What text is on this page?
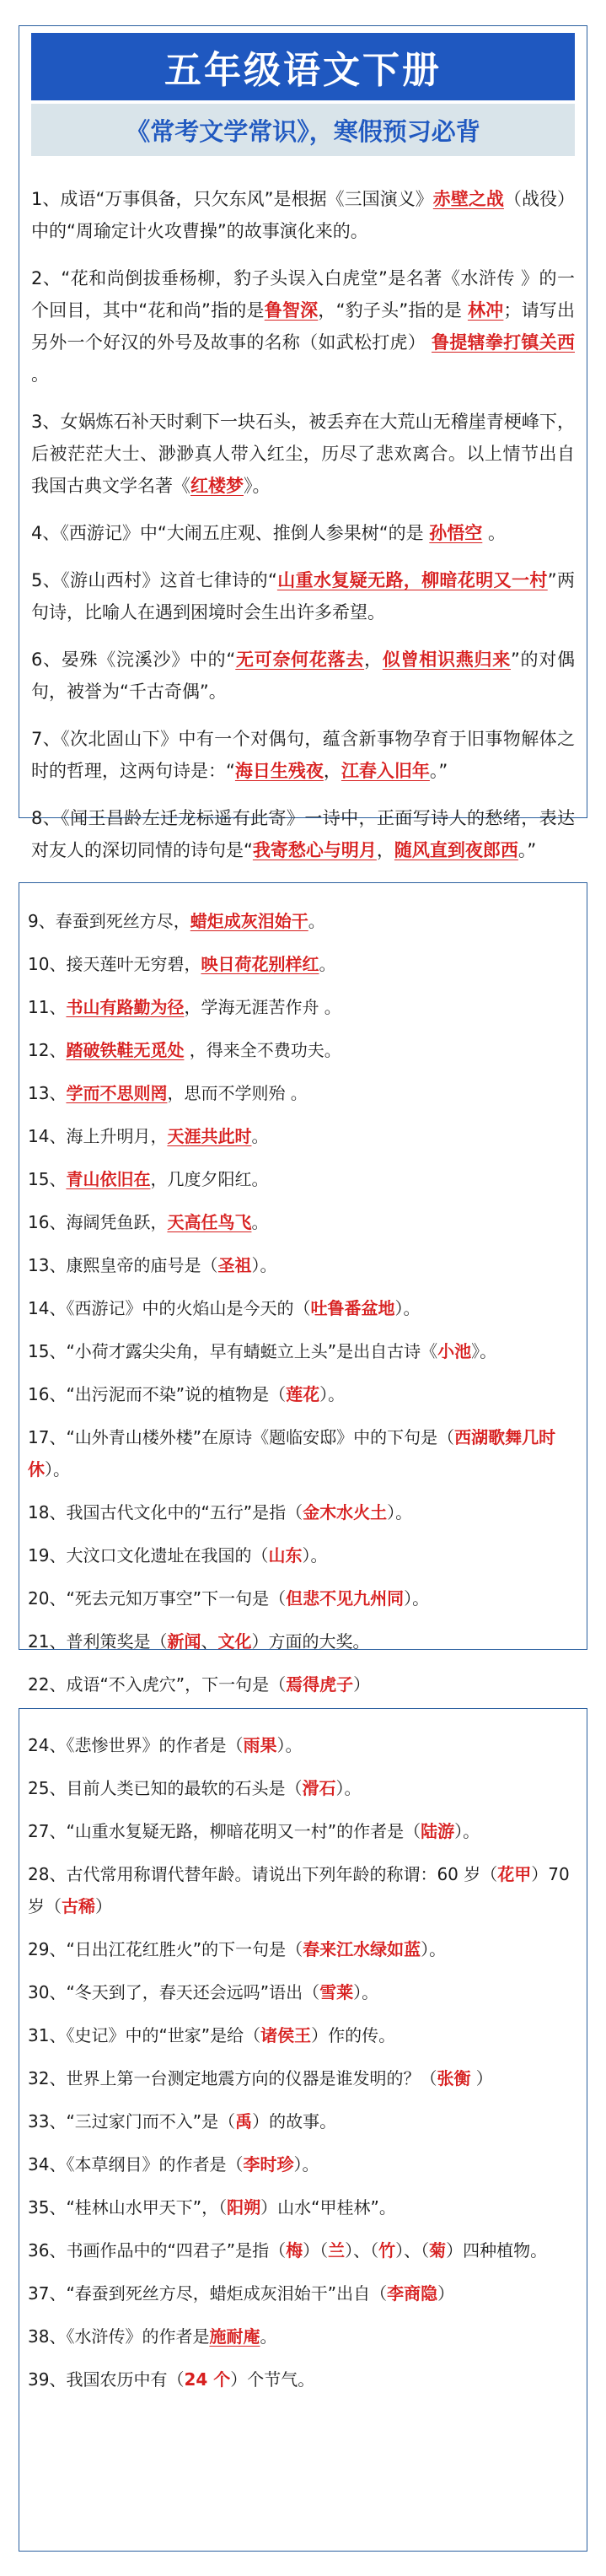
五年级语文下册
《常考文学常识》，寒假预习必背
1、成语“万事俱备，只欠东风”是根据《三国演义》赤壁之战（战役）中的“周瑜定计火攻曹操”的故事演化来的。
2、“花和尚倒拔垂杨柳，豹子头误入白虎堂”是名著《水浒传 》的一个回目，其中“花和尚”指的是鲁智深，“豹子头”指的是 林冲；请写出另外一个好汉的外号及故事的名称（如武松打虎） 鲁提辖拳打镇关西 。
3、女娲炼石补天时剩下一块石头，被丢弃在大荒山无稽崖青梗峰下，后被茫茫大士、渺渺真人带入红尘，历尽了悲欢离合。以上情节出自我国古典文学名著《红楼梦》。
4、《西游记》中“大闹五庄观、推倒人参果树“的是 孙悟空 。
5、《游山西村》这首七律诗的“山重水复疑无路，柳暗花明又一村”两句诗，比喻人在遇到困境时会生出许多希望。
6、晏殊《浣溪沙》中的“无可奈何花落去，似曾相识燕归来”的对偶句，被誉为“千古奇偶”。
7、《次北固山下》中有一个对偶句，蕴含新事物孕育于旧事物解体之时的哲理，这两句诗是：“海日生残夜，江春入旧年。”
8、《闻王昌龄左迁龙标遥有此寄》一诗中，正面写诗人的愁绪，表达对友人的深切同情的诗句是“我寄愁心与明月，随风直到夜郎西。”
9、春蚕到死丝方尽，蜡炬成灰泪始干。
10、接天莲叶无穷碧，映日荷花别样红。
11、书山有路勤为径，学海无涯苦作舟 。
12、踏破铁鞋无觅处 ，得来全不费功夫。
13、学而不思则罔，思而不学则殆 。
14、海上升明月，天涯共此时。
15、青山依旧在，几度夕阳红。
16、海阔凭鱼跃，天高任鸟飞。
13、康熙皇帝的庙号是（圣祖）。
14、《西游记》中的火焰山是今天的（吐鲁番盆地）。
15、“小荷才露尖尖角，早有蜻蜓立上头”是出自古诗《小池》。
16、“出污泥而不染”说的植物是（莲花）。
17、“山外青山楼外楼”在原诗《题临安邸》中的下句是（西湖歌舞几时休）。
18、我国古代文化中的“五行”是指（金木水火土）。
19、大汶口文化遗址在我国的（山东）。
20、“死去元知万事空”下一句是（但悲不见九州同）。
21、普利策奖是（新闻、文化）方面的大奖。
22、成语“不入虎穴”，下一句是（焉得虎子）
24、《悲惨世界》的作者是（雨果）。
25、目前人类已知的最软的石头是（滑石）。
27、“山重水复疑无路，柳暗花明又一村”的作者是（陆游）。
28、古代常用称谓代替年龄。请说出下列年龄的称谓：60 岁（花甲）70 岁（古稀）
29、“日出江花红胜火”的下一句是（春来江水绿如蓝）。
30、“冬天到了，春天还会远吗”语出（雪莱）。
31、《史记》中的“世家”是给（诸侯王）作的传。
32、世界上第一台测定地震方向的仪器是谁发明的？（张衡 ）
33、“三过家门而不入”是（禹）的故事。
34、《本草纲目》的作者是（李时珍）。
35、“桂林山水甲天下”，（阳朔）山水“甲桂林”。
36、书画作品中的“四君子”是指（梅）（兰）、（竹）、（菊）四种植物。
37、“春蚕到死丝方尽，蜡炬成灰泪始干”出自（李商隐）
38、《水浒传》的作者是施耐庵。
39、我国农历中有（24 个）个节气。
